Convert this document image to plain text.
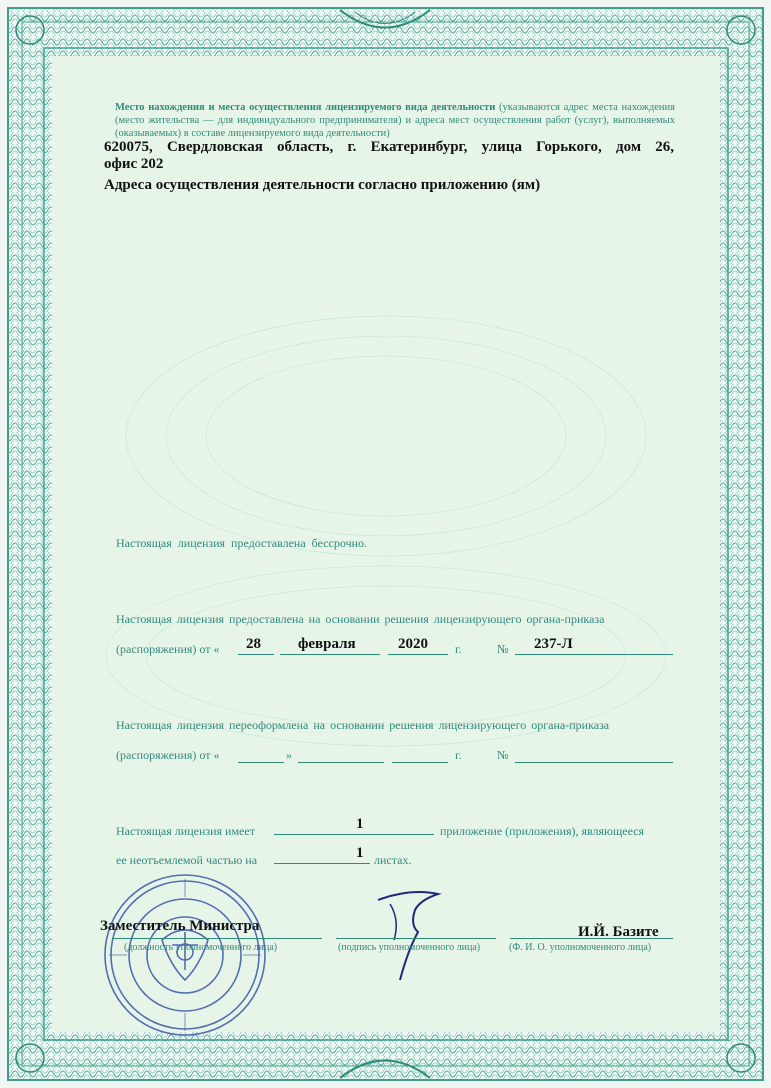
Место нахождения и места осуществления лицензируемого вида деятельности (указываются адрес места нахождения (место жительства — для индивидуального предпринимателя) и адреса мест осуществления работ (услуг), выполняемых (оказываемых) в составе лицензируемого вида деятельности)
620075, Свердловская область, г. Екатеринбург, улица Горького, дом 26,
офис 202
Адреса осуществления деятельности согласно приложению (ям)
Настоящая лицензия предоставлена бессрочно.
Настоящая лицензия предоставлена на основании решения лицензирующего органа-приказа
(распоряжения) от « 28 февраля	2020 г.	№ 237-Л
Настоящая лицензия переоформлена на основании решения лицензирующего органа-приказа
(распоряжения) от «	»	г.	№
Настоящая лицензия имеет	1	приложение (приложения), являющееся
ее неотъемлемой частью на	1 листах.
Заместитель Министра	И.Й. Базите
(должность уполномоченного лица)	(подпись уполномоченного лица)	(Ф. И. О. уполномоченного лица)
